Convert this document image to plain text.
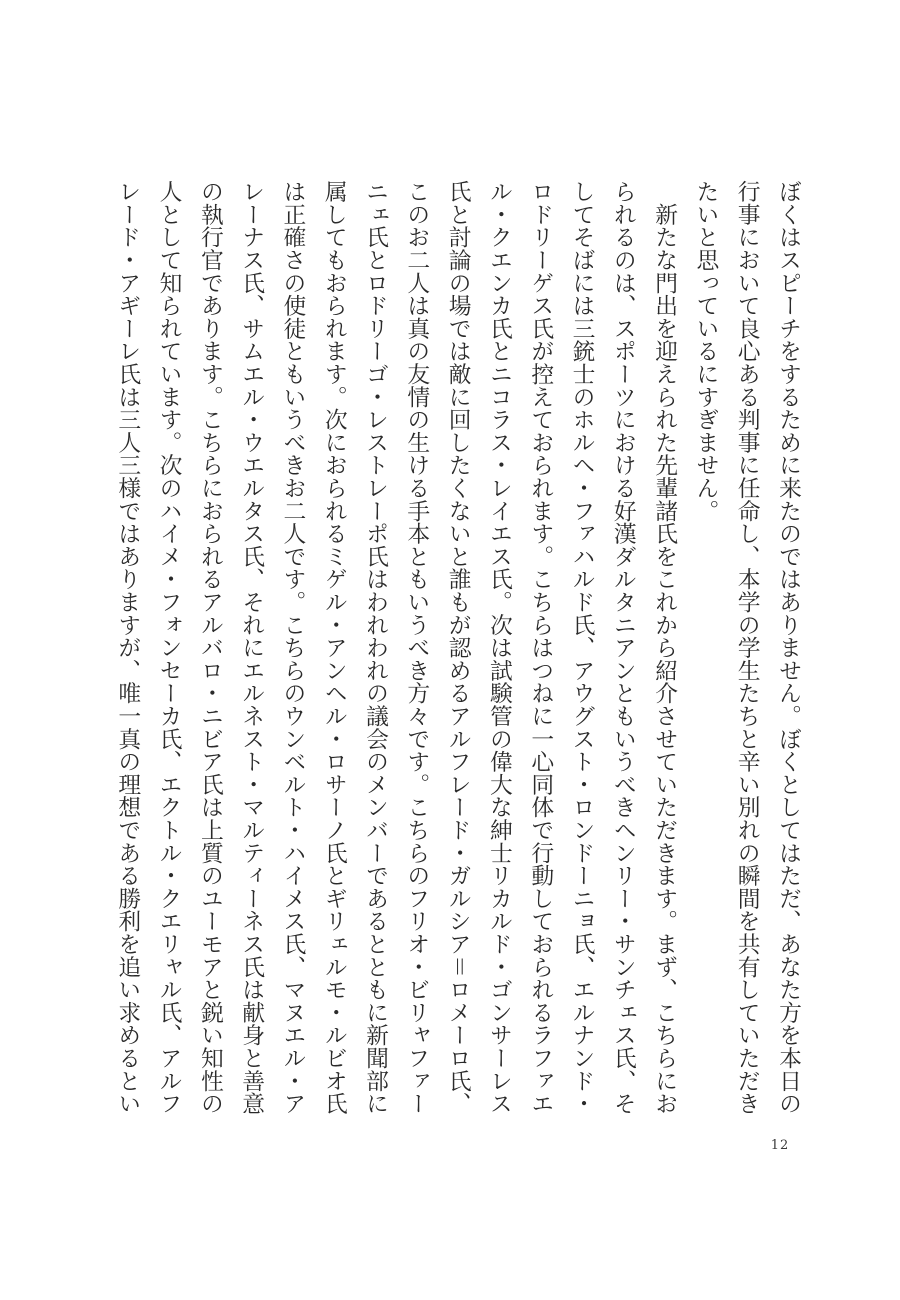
ぼくはスピーチをするために来たのではありません。ぼくとしてはただ、あなた方を本日の
行事において良心ある判事に任命し、本学の学生たちと辛い別れの瞬間を共有していただき
たいと思っているにすぎません。
　新たな門出を迎えられた先輩諸氏をこれから紹介させていただきます。まず、こちらにお
られるのは、スポーツにおける好漢ダルタニアンともいうべきヘンリー・サンチェス氏、そ
してそばには三銃士のホルヘ・ファハルド氏、アウグスト・ロンドーニョ氏、エルナンド・
ロドリーゲス氏が控えておられます。こちらはつねに一心同体で行動しておられるラファエ
ル・クエンカ氏とニコラス・レイエス氏。次は試験管の偉大な紳士リカルド・ゴンサーレス
氏と討論の場では敵に回したくないと誰もが認めるアルフレード・ガルシア＝ロメーロ氏、
このお二人は真の友情の生ける手本ともいうべき方々です。こちらのフリオ・ビリャファー
ニェ氏とロドリーゴ・レストレーポ氏はわれわれの議会のメンバーであるとともに新聞部に
属してもおられます。次におられるミゲル・アンヘル・ロサーノ氏とギリェルモ・ルビオ氏
は正確さの使徒ともいうべきお二人です。こちらのウンベルト・ハイメス氏、マヌエル・ア
レーナス氏、サムエル・ウエルタス氏、それにエルネスト・マルティーネス氏は献身と善意
の執行官であります。こちらにおられるアルバロ・ニビア氏は上質のユーモアと鋭い知性の
人として知られています。次のハイメ・フォンセーカ氏、エクトル・クエリャル氏、アルフ
レード・アギーレ氏は三人三様ではありますが、唯一真の理想である勝利を追い求めるとい
12
